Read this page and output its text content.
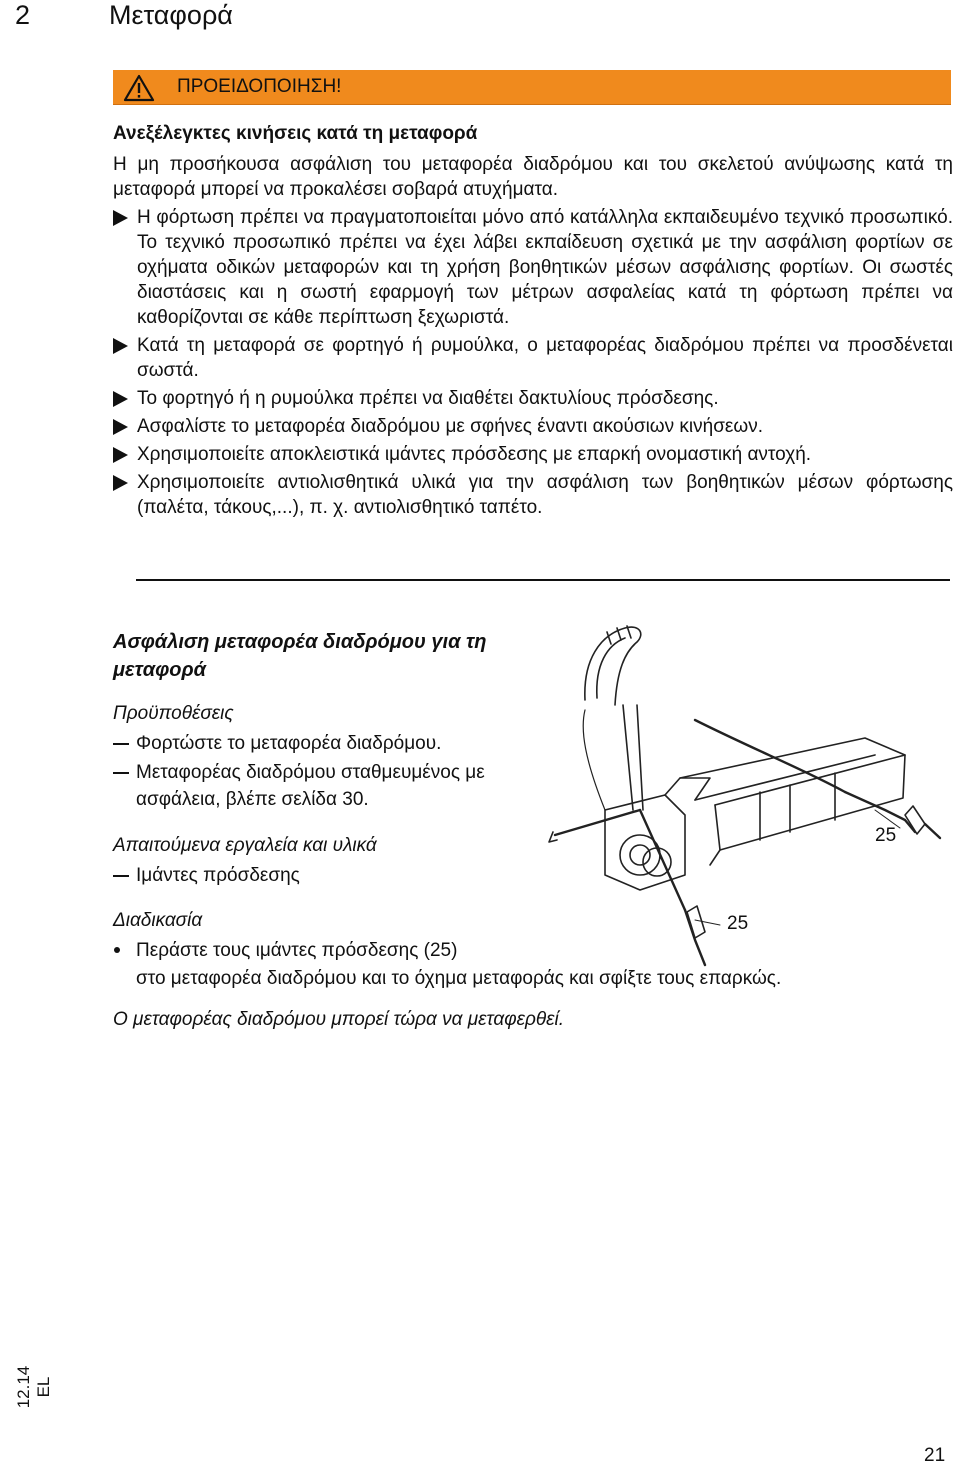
2	Μεταφορά
ΠΡΟΕΙΔΟΠΟΙΗΣΗ!
Ανεξέλεγκτες κινήσεις κατά τη μεταφορά

Η μη προσήκουσα ασφάλιση του μεταφορέα διαδρόμου και του σκελετού ανύψωσης κατά τη μεταφορά μπορεί να προκαλέσει σοβαρά ατυχήματα.

Η φόρτωση πρέπει να πραγματοποιείται μόνο από κατάλληλα εκπαιδευμένο τεχνικό προσωπικό. Το τεχνικό προσωπικό πρέπει να έχει λάβει εκπαίδευση σχετικά με την ασφάλιση φορτίων σε οχήματα οδικών μεταφορών και τη χρήση βοηθητικών μέσων ασφάλισης φορτίων. Οι σωστές διαστάσεις και η σωστή εφαρμογή των μέτρων ασφαλείας κατά τη φόρτωση πρέπει να καθορίζονται σε κάθε περίπτωση ξεχωριστά.
Κατά τη μεταφορά σε φορτηγό ή ρυμούλκα, ο μεταφορέας διαδρόμου πρέπει να προσδένεται σωστά.
Το φορτηγό ή η ρυμούλκα πρέπει να διαθέτει δακτυλίους πρόσδεσης.
Ασφαλίστε το μεταφορέα διαδρόμου με σφήνες έναντι ακούσιων κινήσεων.
Χρησιμοποιείτε αποκλειστικά ιμάντες πρόσδεσης με επαρκή ονομαστική αντοχή.
Χρησιμοποιείτε αντιολισθητικά υλικά για την ασφάλιση των βοηθητικών μέσων φόρτωσης (παλέτα, τάκους,...), π. χ. αντιολισθητικό ταπέτο.
Ασφάλιση μεταφορέα διαδρόμου για τη μεταφορά
Προϋποθέσεις
Φορτώστε το μεταφορέα διαδρόμου.
Μεταφορέας διαδρόμου σταθμευμένος με
ασφάλεια, βλέπε σελίδα 30.
Απαιτούμενα εργαλεία και υλικά
Ιμάντες πρόσδεσης
Διαδικασία
Περάστε τους ιμάντες πρόσδεσης (25)
στο μεταφορέα διαδρόμου και το όχημα μεταφοράς και σφίξτε τους επαρκώς.
Ο μεταφορέας διαδρόμου μπορεί τώρα να μεταφερθεί.
25
25
12.14 EL
21
